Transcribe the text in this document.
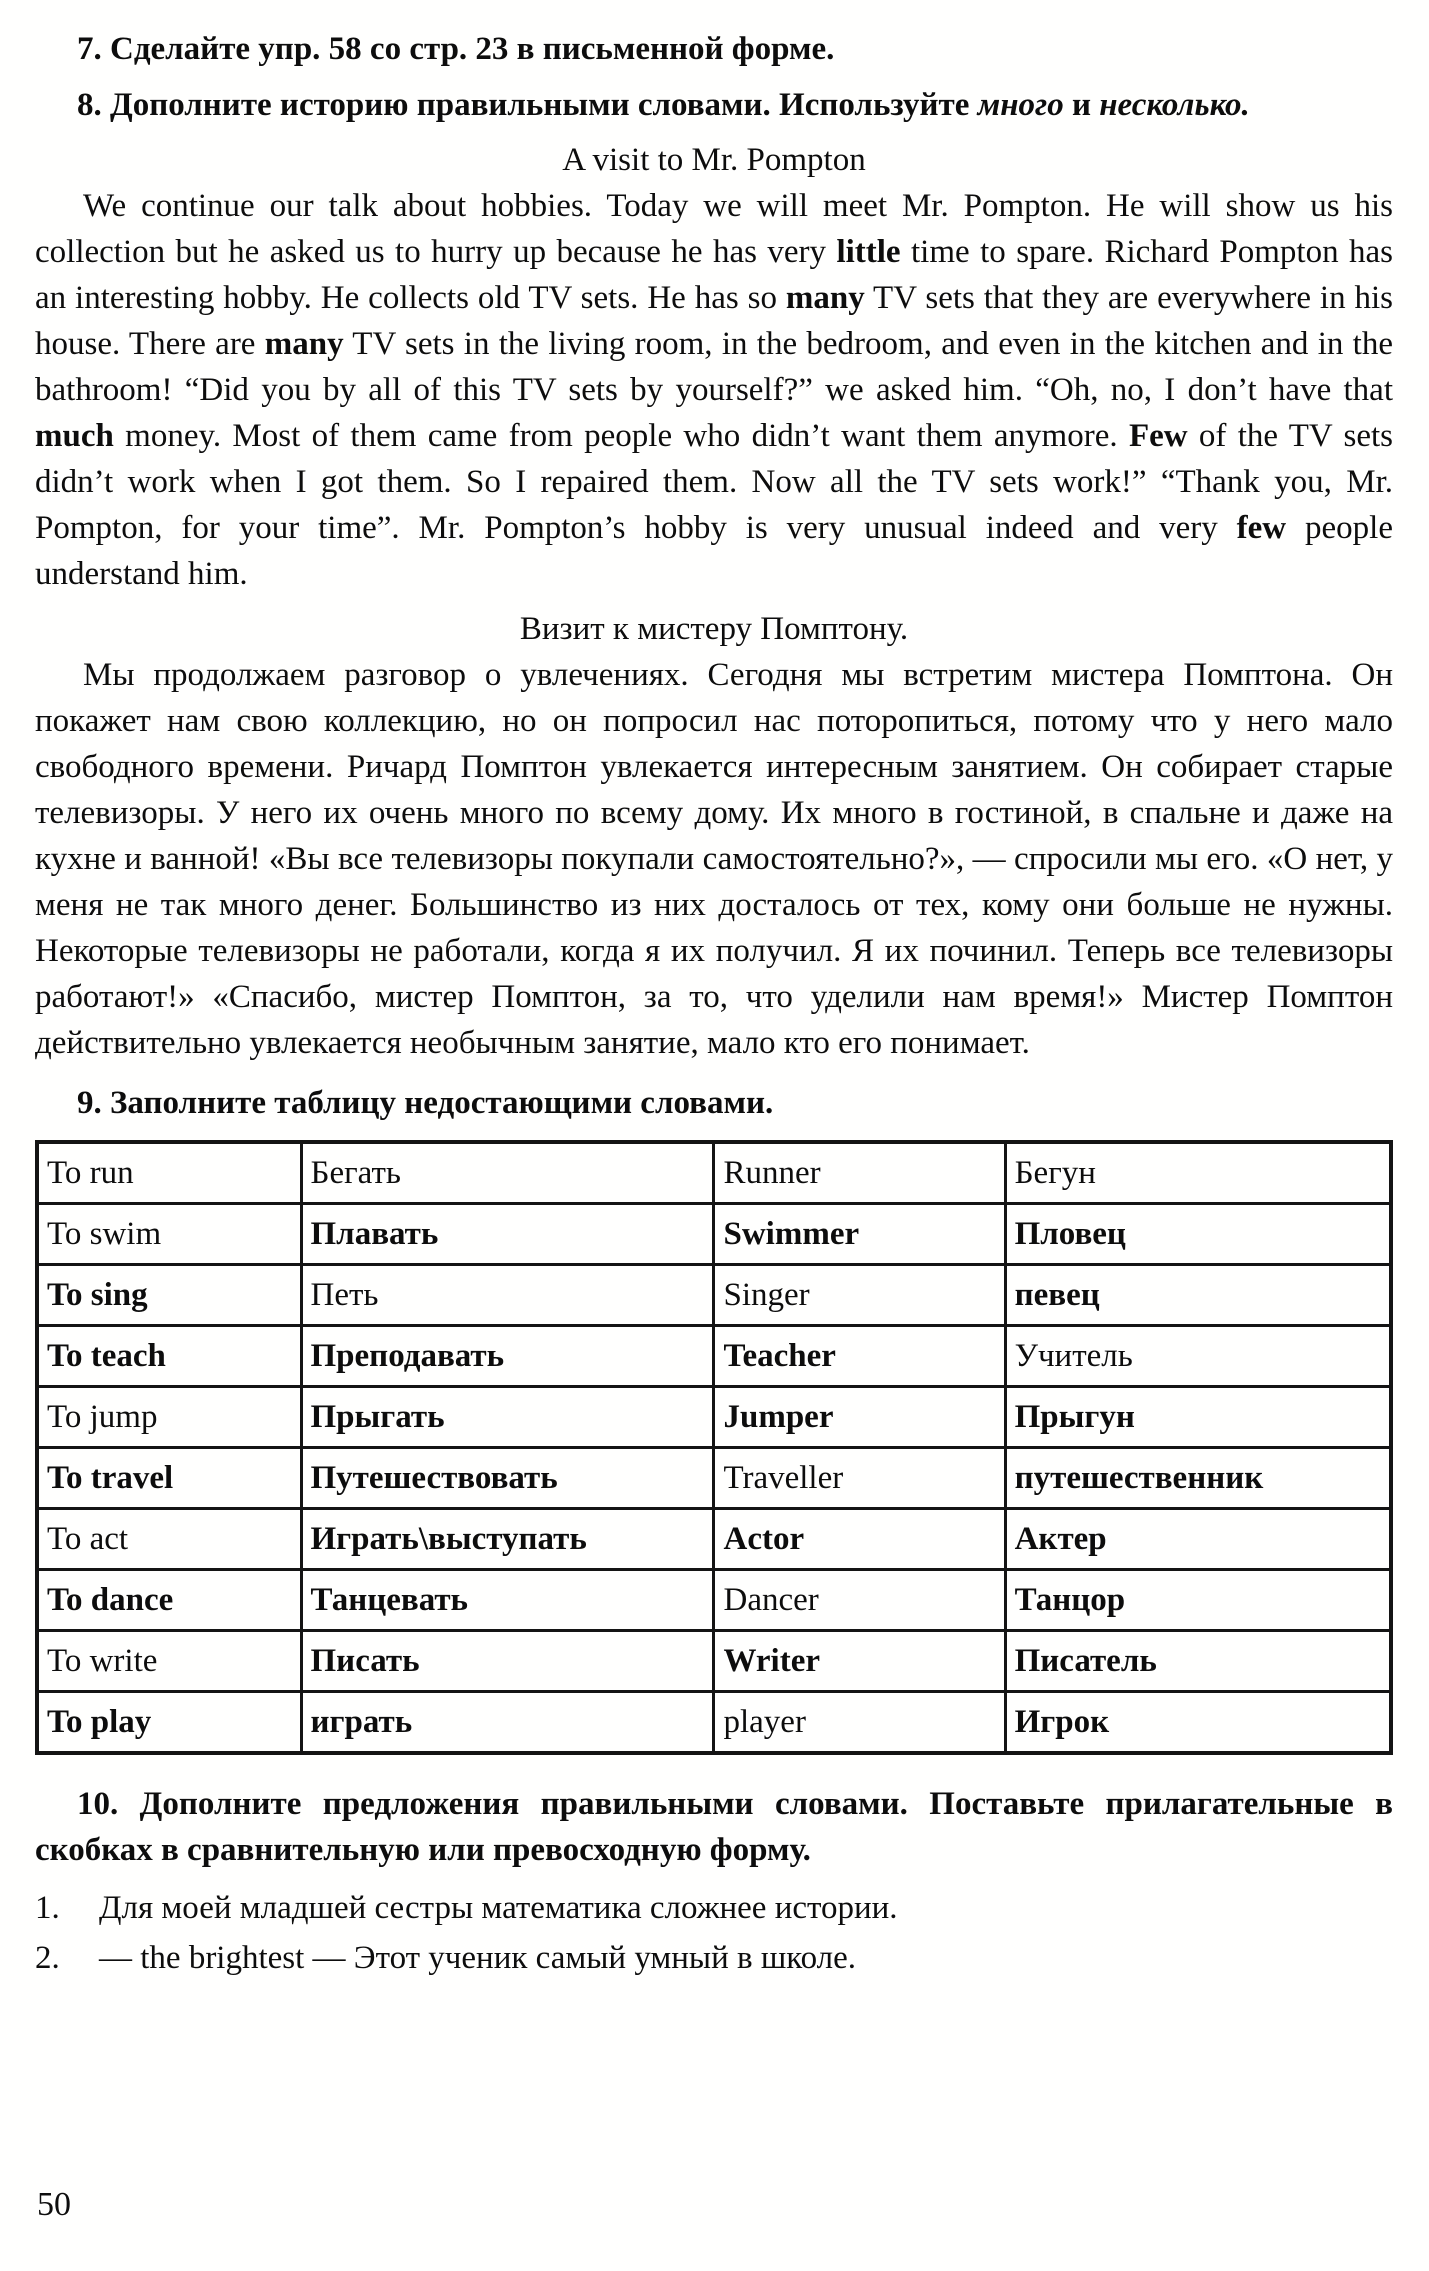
7. Сделайте упр. 58 со стр. 23 в письменной форме.

8. Дополните историю правильными словами. Используйте много и несколько.

A visit to Mr. Pompton

We continue our talk about hobbies. Today we will meet Mr. Pompton. He will show us his collection but he asked us to hurry up because he has very little time to spare. Richard Pompton has an interesting hobby. He collects old TV sets. He has so many TV sets that they are everywhere in his house. There are many TV sets in the living room, in the bedroom, and even in the kitchen and in the bathroom! “Did you by all of this TV sets by yourself?” we asked him. “Oh, no, I don’t have that much money. Most of them came from people who didn’t want them anymore. Few of the TV sets didn’t work when I got them. So I repaired them. Now all the TV sets work!” “Thank you, Mr. Pompton, for your time”. Mr. Pompton’s hobby is very unusual indeed and very few people understand him.

Визит к мистеру Помптону.

Мы продолжаем разговор о увлечениях. Сегодня мы встретим мистера Помптона. Он покажет нам свою коллекцию, но он попросил нас поторопиться, потому что у него мало свободного времени. Ричард Помптон увлекается интересным занятием. Он собирает старые телевизоры. У него их очень много по всему дому. Их много в гостиной, в спальне и даже на кухне и ванной! «Вы все телевизоры покупали самостоятельно?», — спросили мы его. «О нет, у меня не так много денег. Большинство из них досталось от тех, кому они больше не нужны. Некоторые телевизоры не работали, когда я их получил. Я их починил. Теперь все телевизоры работают!» «Спасибо, мистер Помптон, за то, что уделили нам время!» Мистер Помптон действительно увлекается необычным занятие, мало кто его понимает.

9. Заполните таблицу недостающими словами.

To run	Бегать	Runner	Бегун
To swim	Плавать	Swimmer	Пловец
To sing	Петь	Singer	певец
To teach	Преподавать	Teacher	Учитель
To jump	Прыгать	Jumper	Прыгун
To travel	Путешествовать	Traveller	путешественник
To act	Играть\выступать	Actor	Актер
To dance	Танцевать	Dancer	Танцор
To write	Писать	Writer	Писатель
To play	играть	player	Игрок

10. Дополните предложения правильными словами. Поставьте прилагательные в скобках в сравнительную или превосходную форму.

1.	Для моей младшей сестры математика сложнее истории.
2.	— the brightest — Этот ученик самый умный в школе.
50
